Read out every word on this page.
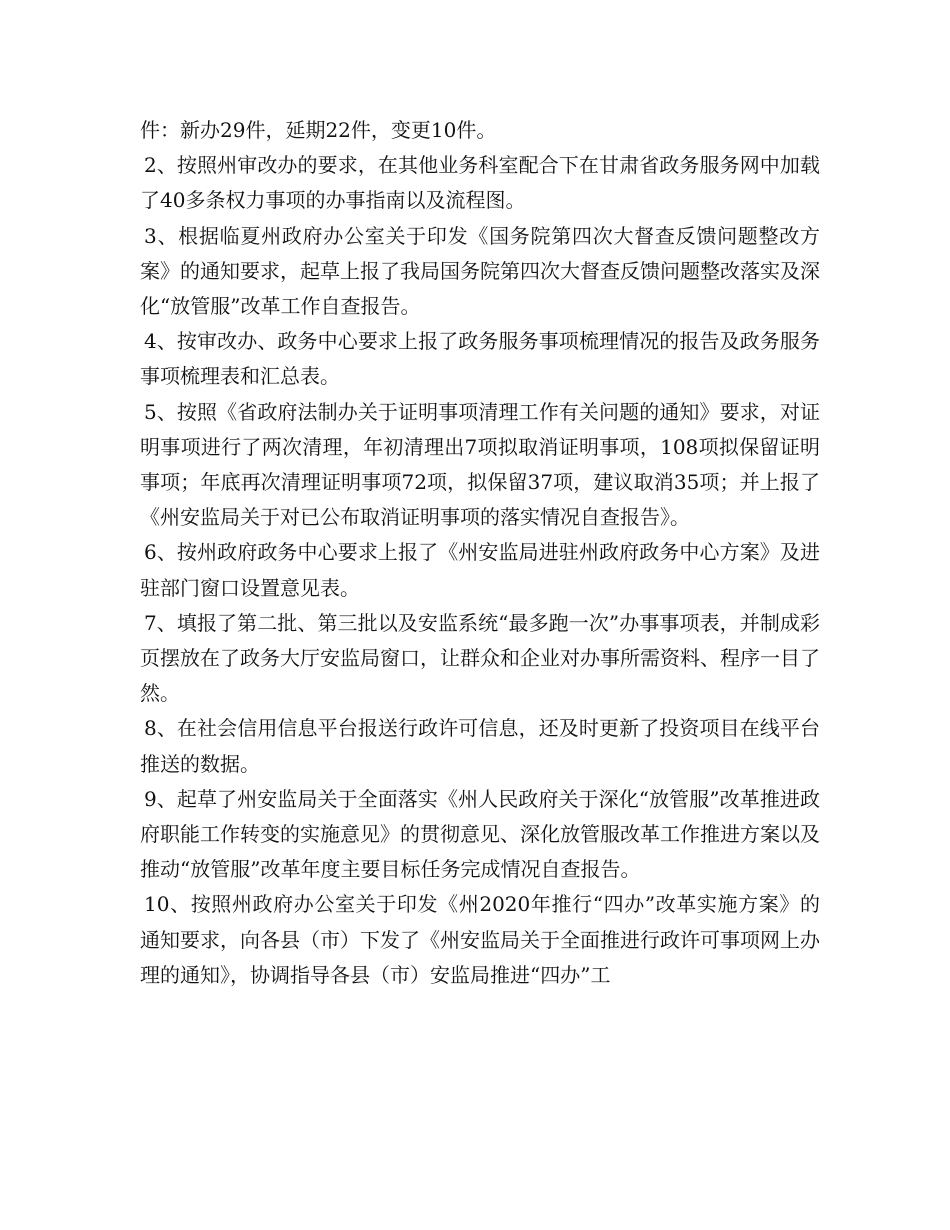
件：新办29件，延期22件，变更10件。

2、按照州审改办的要求，在其他业务科室配合下在甘肃省政务服务网中加载了40多条权力事项的办事指南以及流程图。

3、根据临夏州政府办公室关于印发《国务院第四次大督查反馈问题整改方案》的通知要求，起草上报了我局国务院第四次大督查反馈问题整改落实及深化“放管服”改革工作自查报告。

4、按审改办、政务中心要求上报了政务服务事项梳理情况的报告及政务服务事项梳理表和汇总表。

5、按照《省政府法制办关于证明事项清理工作有关问题的通知》要求，对证明事项进行了两次清理，年初清理出7项拟取消证明事项，108项拟保留证明事项；年底再次清理证明事项72项，拟保留37项，建议取消35项；并上报了《州安监局关于对已公布取消证明事项的落实情况自查报告》。

6、按州政府政务中心要求上报了《州安监局进驻州政府政务中心方案》及进驻部门窗口设置意见表。

7、填报了第二批、第三批以及安监系统“最多跑一次”办事事项表，并制成彩页摆放在了政务大厅安监局窗口，让群众和企业对办事所需资料、程序一目了然。

8、在社会信用信息平台报送行政许可信息，还及时更新了投资项目在线平台推送的数据。

9、起草了州安监局关于全面落实《州人民政府关于深化“放管服”改革推进政府职能工作转变的实施意见》的贯彻意见、深化放管服改革工作推进方案以及推动“放管服”改革年度主要目标任务完成情况自查报告。

10、按照州政府办公室关于印发《州2020年推行“四办”改革实施方案》的通知要求，向各县（市）下发了《州安监局关于全面推进行政许可事项网上办理的通知》，协调指导各县（市）安监局推进“四办”工
